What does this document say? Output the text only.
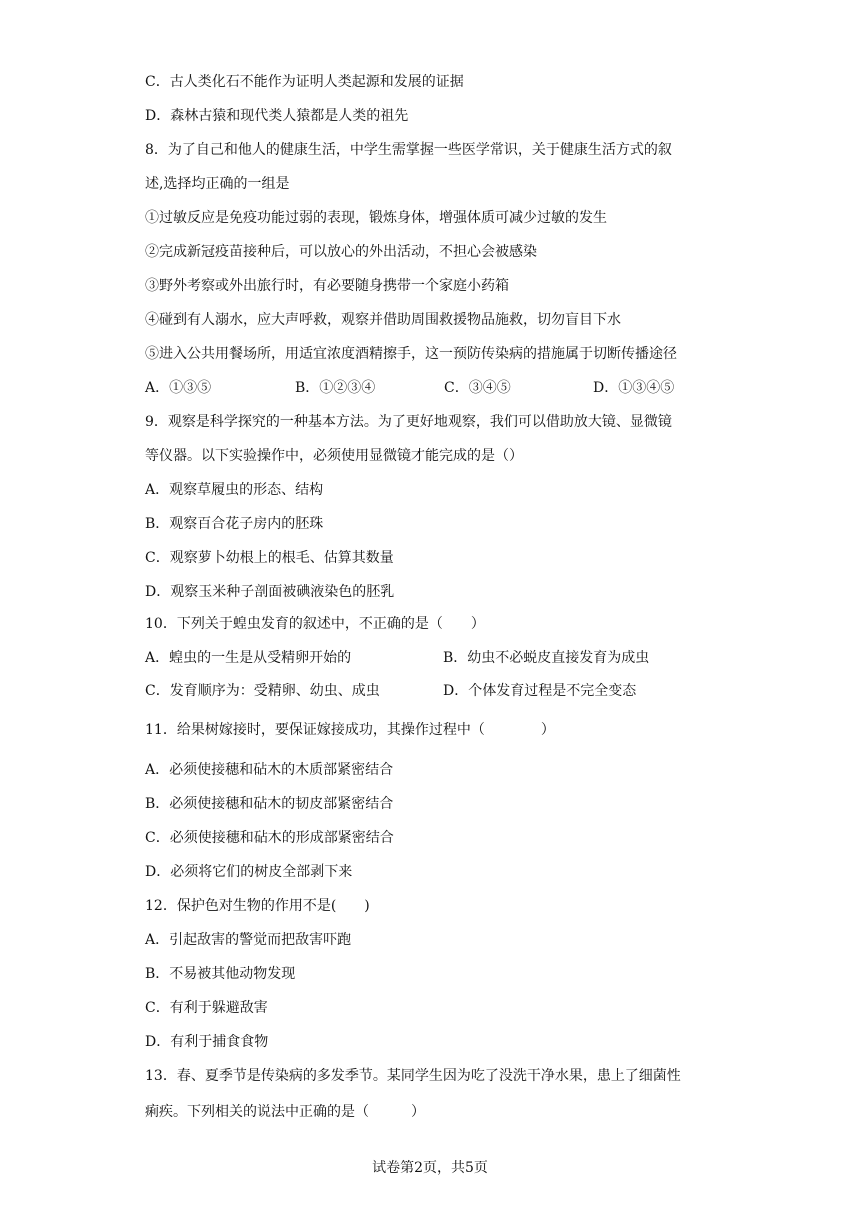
C．古人类化石不能作为证明人类起源和发展的证据
D．森林古猿和现代类人猿都是人类的祖先
8．为了自己和他人的健康生活，中学生需掌握一些医学常识，关于健康生活方式的叙
述,选择均正确的一组是
①过敏反应是免疫功能过弱的表现，锻炼身体，增强体质可减少过敏的发生
②完成新冠疫苗接种后，可以放心的外出活动，不担心会被感染
③野外考察或外出旅行时，有必要随身携带一个家庭小药箱
④碰到有人溺水，应大声呼救，观察并借助周围救援物品施救，切勿盲目下水
⑤进入公共用餐场所，用适宜浓度酒精擦手，这一预防传染病的措施属于切断传播途径
A．①③⑤	B．①②③④	C．③④⑤	D．①③④⑤
9．观察是科学探究的一种基本方法。为了更好地观察，我们可以借助放大镜、显微镜
等仪器。以下实验操作中，必须使用显微镜才能完成的是（）
A．观察草履虫的形态、结构
B．观察百合花子房内的胚珠
C．观察萝卜幼根上的根毛、估算其数量
D．观察玉米种子剖面被碘液染色的胚乳
10．下列关于蝗虫发育的叙述中，不正确的是（　　）
A．蝗虫的一生是从受精卵开始的	B．幼虫不必蜕皮直接发育为成虫
C．发育顺序为：受精卵、幼虫、成虫	D．个体发育过程是不完全变态
11．给果树嫁接时，要保证嫁接成功，其操作过程中（　　　　）
A．必须使接穗和砧木的木质部紧密结合
B．必须使接穗和砧木的韧皮部紧密结合
C．必须使接穗和砧木的形成部紧密结合
D．必须将它们的树皮全部剥下来
12．保护色对生物的作用不是(　　)
A．引起敌害的警觉而把敌害吓跑
B．不易被其他动物发现
C．有利于躲避敌害
D．有利于捕食食物
13．春、夏季节是传染病的多发季节。某同学生因为吃了没洗干净水果，患上了细菌性
痢疾。下列相关的说法中正确的是（　　　）
试卷第2页，共5页
